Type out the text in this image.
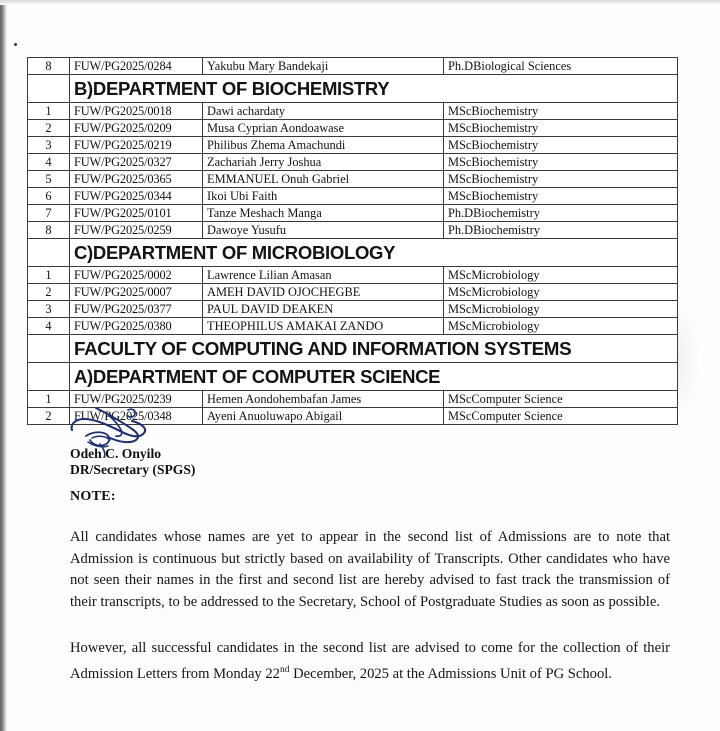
8	FUW/PG2025/0284	Yakubu Mary Bandekaji	Ph.DBiological Sciences
	B)DEPARTMENT OF BIOCHEMISTRY		
1	FUW/PG2025/0018	Dawi achardaty	MScBiochemistry
2	FUW/PG2025/0209	Musa Cyprian Aondoawase	MScBiochemistry
3	FUW/PG2025/0219	Philibus Zhema Amachundi	MScBiochemistry
4	FUW/PG2025/0327	Zachariah Jerry Joshua	MScBiochemistry
5	FUW/PG2025/0365	EMMANUEL Onuh Gabriel	MScBiochemistry
6	FUW/PG2025/0344	Ikoi Ubi Faith	MScBiochemistry
7	FUW/PG2025/0101	Tanze Meshach Manga	Ph.DBiochemistry
8	FUW/PG2025/0259	Dawoye Yusufu	Ph.DBiochemistry
	C)DEPARTMENT OF MICROBIOLOGY		
1	FUW/PG2025/0002	Lawrence Lilian Amasan	MScMicrobiology
2	FUW/PG2025/0007	AMEH DAVID OJOCHEGBE	MScMicrobiology
3	FUW/PG2025/0377	PAUL DAVID DEAKEN	MScMicrobiology
4	FUW/PG2025/0380	THEOPHILUS AMAKAI ZANDO	MScMicrobiology
	FACULTY OF COMPUTING AND INFORMATION SYSTEMS		
	A)DEPARTMENT OF COMPUTER SCIENCE		
1	FUW/PG2025/0239	Hemen Aondohembafan James	MScComputer Science
2	FUW/PG2025/0348	Ayeni Anuoluwapo Abigail	MScComputer Science
Odeh C. Onyilo
DR/Secretary (SPGS)
NOTE:

All candidates whose names are yet to appear in the second list of Admissions are to note that Admission is continuous but strictly based on availability of Transcripts. Other candidates who have not seen their names in the first and second list are hereby advised to fast track the transmission of their transcripts, to be addressed to the Secretary, School of Postgraduate Studies as soon as possible.

However, all successful candidates in the second list are advised to come for the collection of their Admission Letters from Monday 22nd December, 2025 at the Admissions Unit of PG School.
